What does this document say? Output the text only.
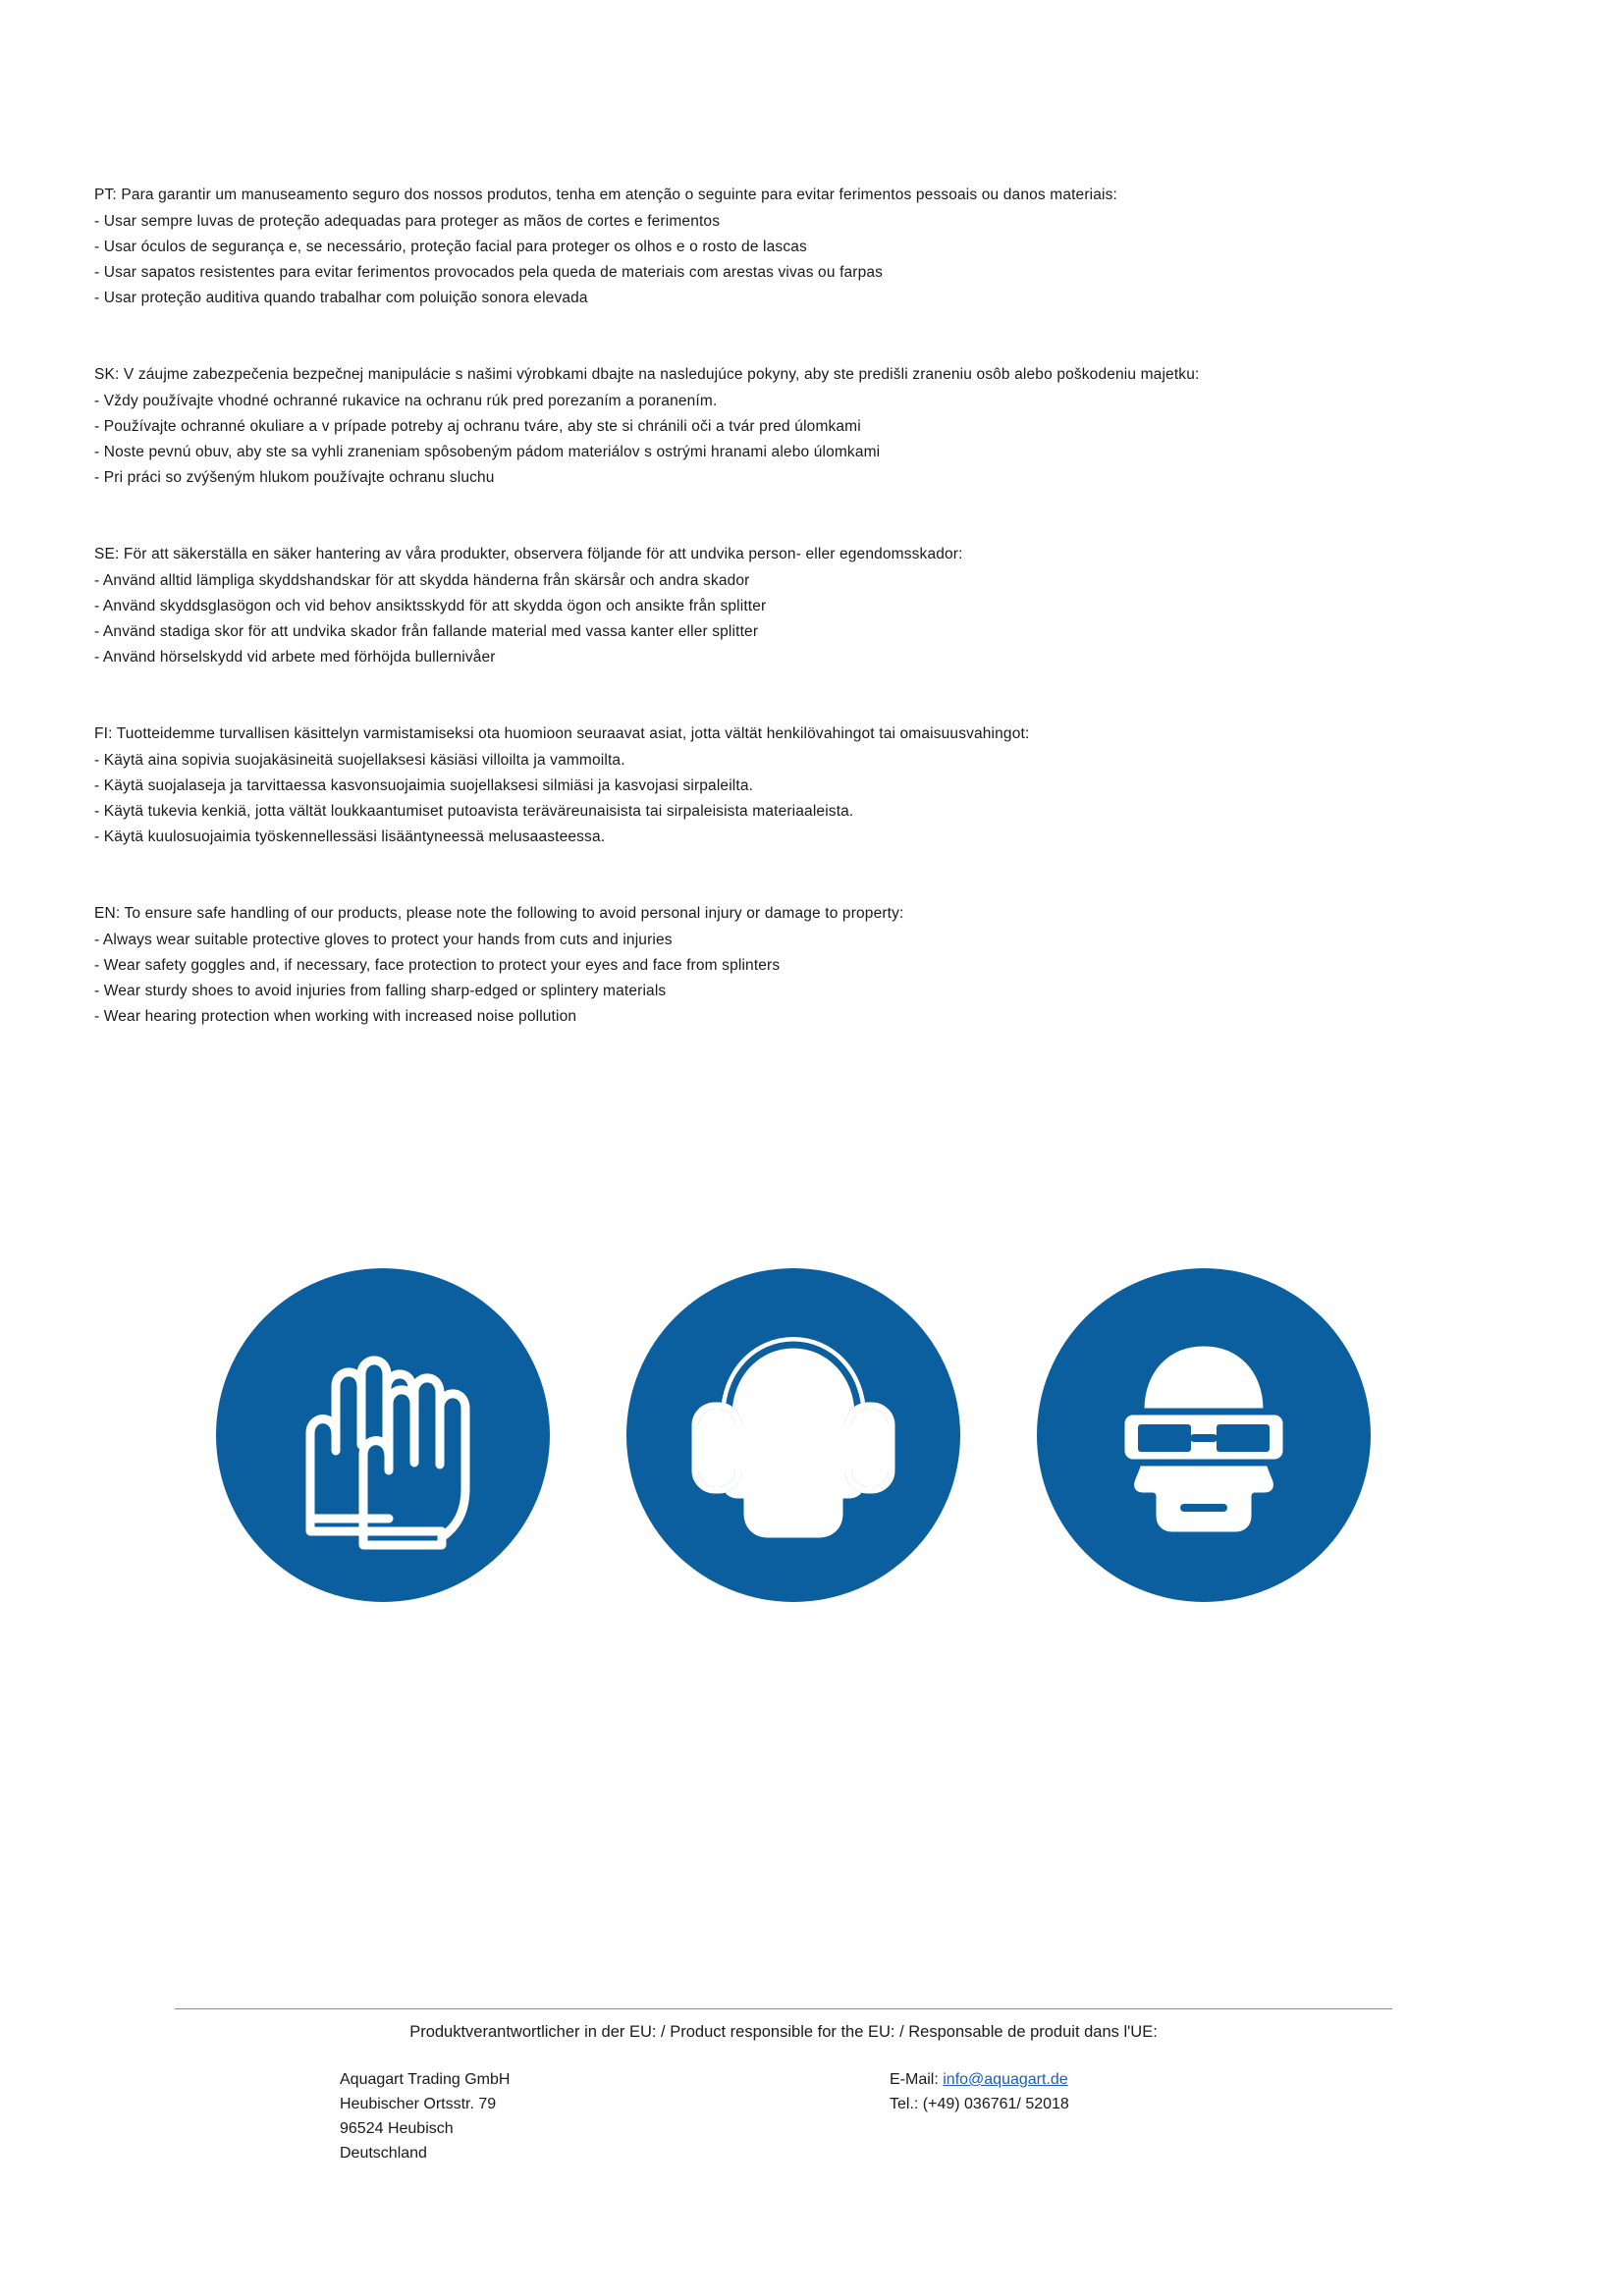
PT: Para garantir um manuseamento seguro dos nossos produtos, tenha em atenção o seguinte para evitar ferimentos pessoais ou danos materiais:
- Usar sempre luvas de proteção adequadas para proteger as mãos de cortes e ferimentos
- Usar óculos de segurança e, se necessário, proteção facial para proteger os olhos e o rosto de lascas
- Usar sapatos resistentes para evitar ferimentos provocados pela queda de materiais com arestas vivas ou farpas
- Usar proteção auditiva quando trabalhar com poluição sonora elevada
SK: V záujme zabezpečenia bezpečnej manipulácie s našimi výrobkami dbajte na nasledujúce pokyny, aby ste predišli zraneniu osôb alebo poškodeniu majetku:
- Vždy používajte vhodné ochranné rukavice na ochranu rúk pred porezaním a poranením.
- Používajte ochranné okuliare a v prípade potreby aj ochranu tváre, aby ste si chránili oči a tvár pred úlomkami
- Noste pevnú obuv, aby ste sa vyhli zraneniam spôsobeným pádom materiálov s ostrými hranami alebo úlomkami
- Pri práci so zvýšeným hlukom používajte ochranu sluchu
SE: För att säkerställa en säker hantering av våra produkter, observera följande för att undvika person- eller egendomsskador:
- Använd alltid lämpliga skyddshandskar för att skydda händerna från skärsår och andra skador
- Använd skyddsglasögon och vid behov ansiktsskydd för att skydda ögon och ansikte från splitter
- Använd stadiga skor för att undvika skador från fallande material med vassa kanter eller splitter
- Använd hörselskydd vid arbete med förhöjda bullernivåer
FI: Tuotteidemme turvallisen käsittelyn varmistamiseksi ota huomioon seuraavat asiat, jotta vältät henkilövahingot tai omaisuusvahingot:
- Käytä aina sopivia suojakäsineitä suojellaksesi käsiäsi villoilta ja vammoilta.
- Käytä suojalaseja ja tarvittaessa kasvonsuojaimia suojellaksesi silmiäsi ja kasvojasi sirpaleilta.
- Käytä tukevia kenkiä, jotta vältät loukkaantumiset putoavista teräväreunaisista tai sirpaleisista materiaaleista.
- Käytä kuulosuojaimia työskennellessäsi lisääntyneessä melusaasteessa.
EN: To ensure safe handling of our products, please note the following to avoid personal injury or damage to property:
- Always wear suitable protective gloves to protect your hands from cuts and injuries
- Wear safety goggles and, if necessary, face protection to protect your eyes and face from splinters
- Wear sturdy shoes to avoid injuries from falling sharp-edged or splintery materials
- Wear hearing protection when working with increased noise pollution
Produktverantwortlicher in der EU: / Product responsible for the EU: / Responsable de produit dans l'UE:
Aquagart Trading GmbH
Heubischer Ortsstr. 79
96524 Heubisch
Deutschland
E-Mail: info@aquagart.de
Tel.: (+49) 036761/ 52018
